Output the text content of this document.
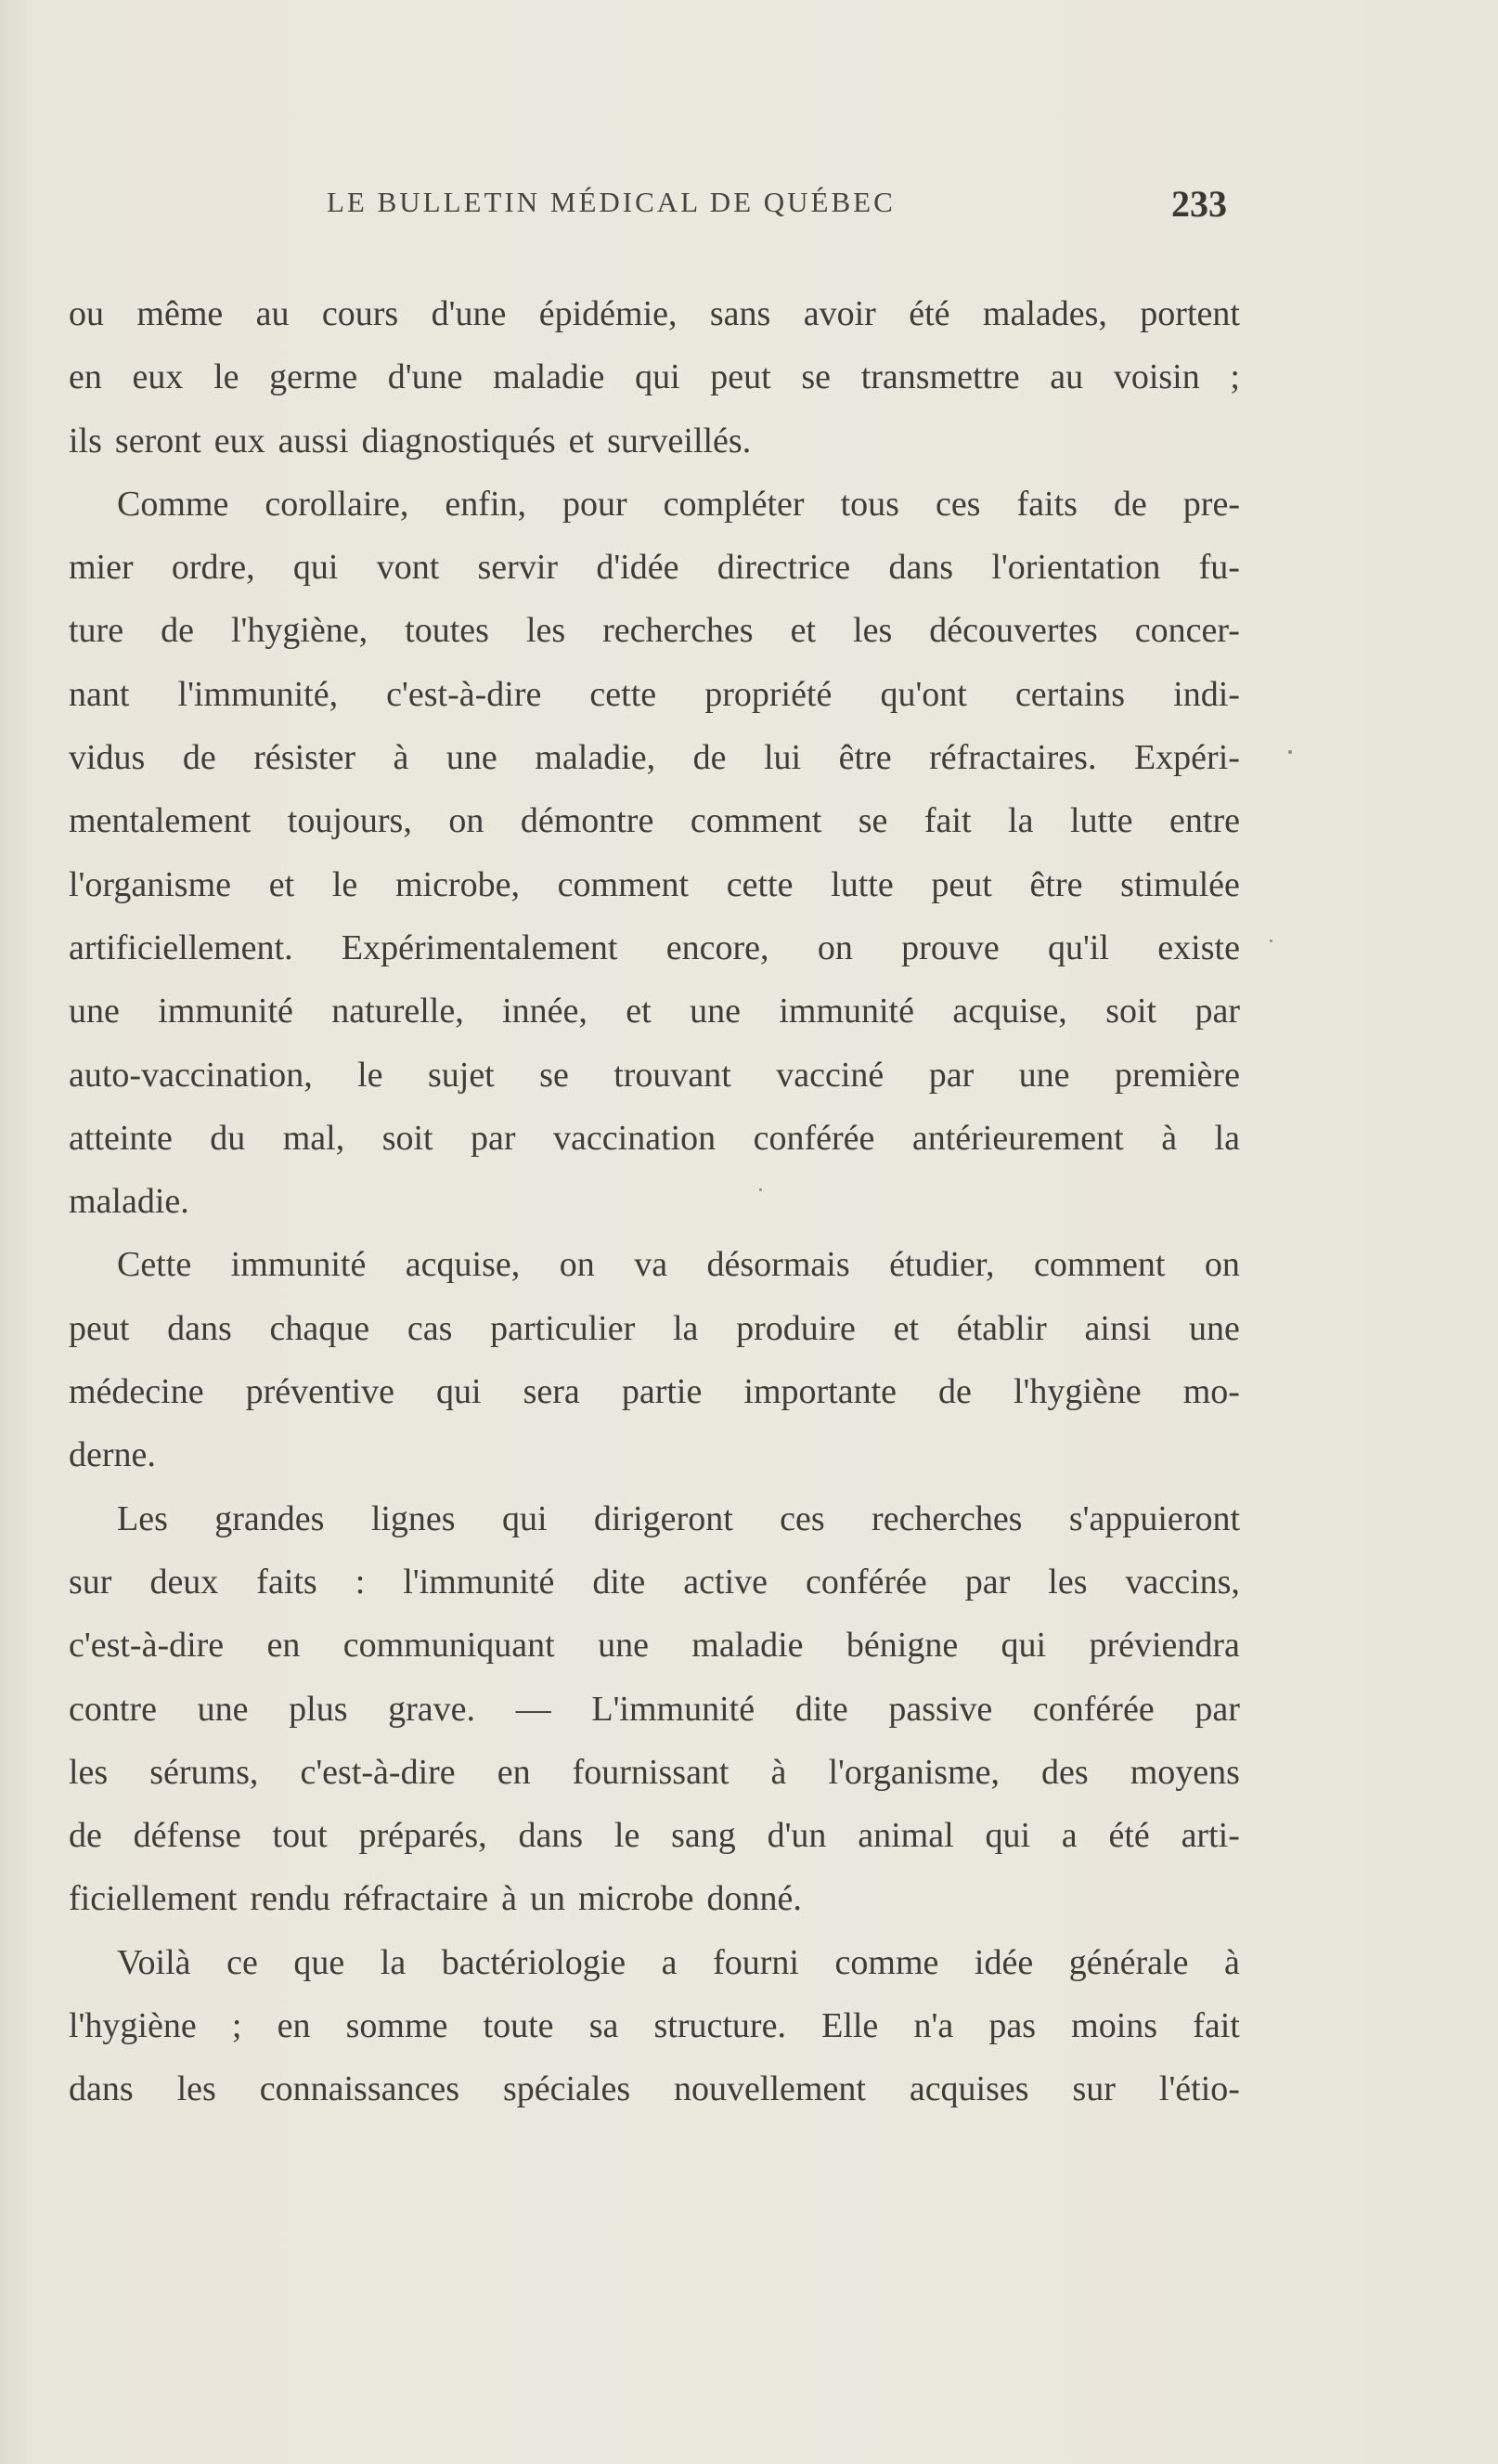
LE BULLETIN MÉDICAL DE QUÉBEC	233
ou même au cours d'une épidémie, sans avoir été malades, portent
en eux le germe d'une maladie qui peut se transmettre au voisin ;
ils seront eux aussi diagnostiqués et surveillés.
Comme corollaire, enfin, pour compléter tous ces faits de pre-
mier ordre, qui vont servir d'idée directrice dans l'orientation fu-
ture de l'hygiène, toutes les recherches et les découvertes concer-
nant l'immunité, c'est-à-dire cette propriété qu'ont certains indi-
vidus de résister à une maladie, de lui être réfractaires. Expéri-
mentalement toujours, on démontre comment se fait la lutte entre
l'organisme et le microbe, comment cette lutte peut être stimulée
artificiellement. Expérimentalement encore, on prouve qu'il existe
une immunité naturelle, innée, et une immunité acquise, soit par
auto-vaccination, le sujet se trouvant vacciné par une première
atteinte du mal, soit par vaccination conférée antérieurement à la
maladie.
Cette immunité acquise, on va désormais étudier, comment on
peut dans chaque cas particulier la produire et établir ainsi une
médecine préventive qui sera partie importante de l'hygiène mo-
derne.
Les grandes lignes qui dirigeront ces recherches s'appuieront
sur deux faits : l'immunité dite active conférée par les vaccins,
c'est-à-dire en communiquant une maladie bénigne qui préviendra
contre une plus grave. — L'immunité dite passive conférée par
les sérums, c'est-à-dire en fournissant à l'organisme, des moyens
de défense tout préparés, dans le sang d'un animal qui a été arti-
ficiellement rendu réfractaire à un microbe donné.
Voilà ce que la bactériologie a fourni comme idée générale à
l'hygiène ; en somme toute sa structure. Elle n'a pas moins fait
dans les connaissances spéciales nouvellement acquises sur l'étio-
